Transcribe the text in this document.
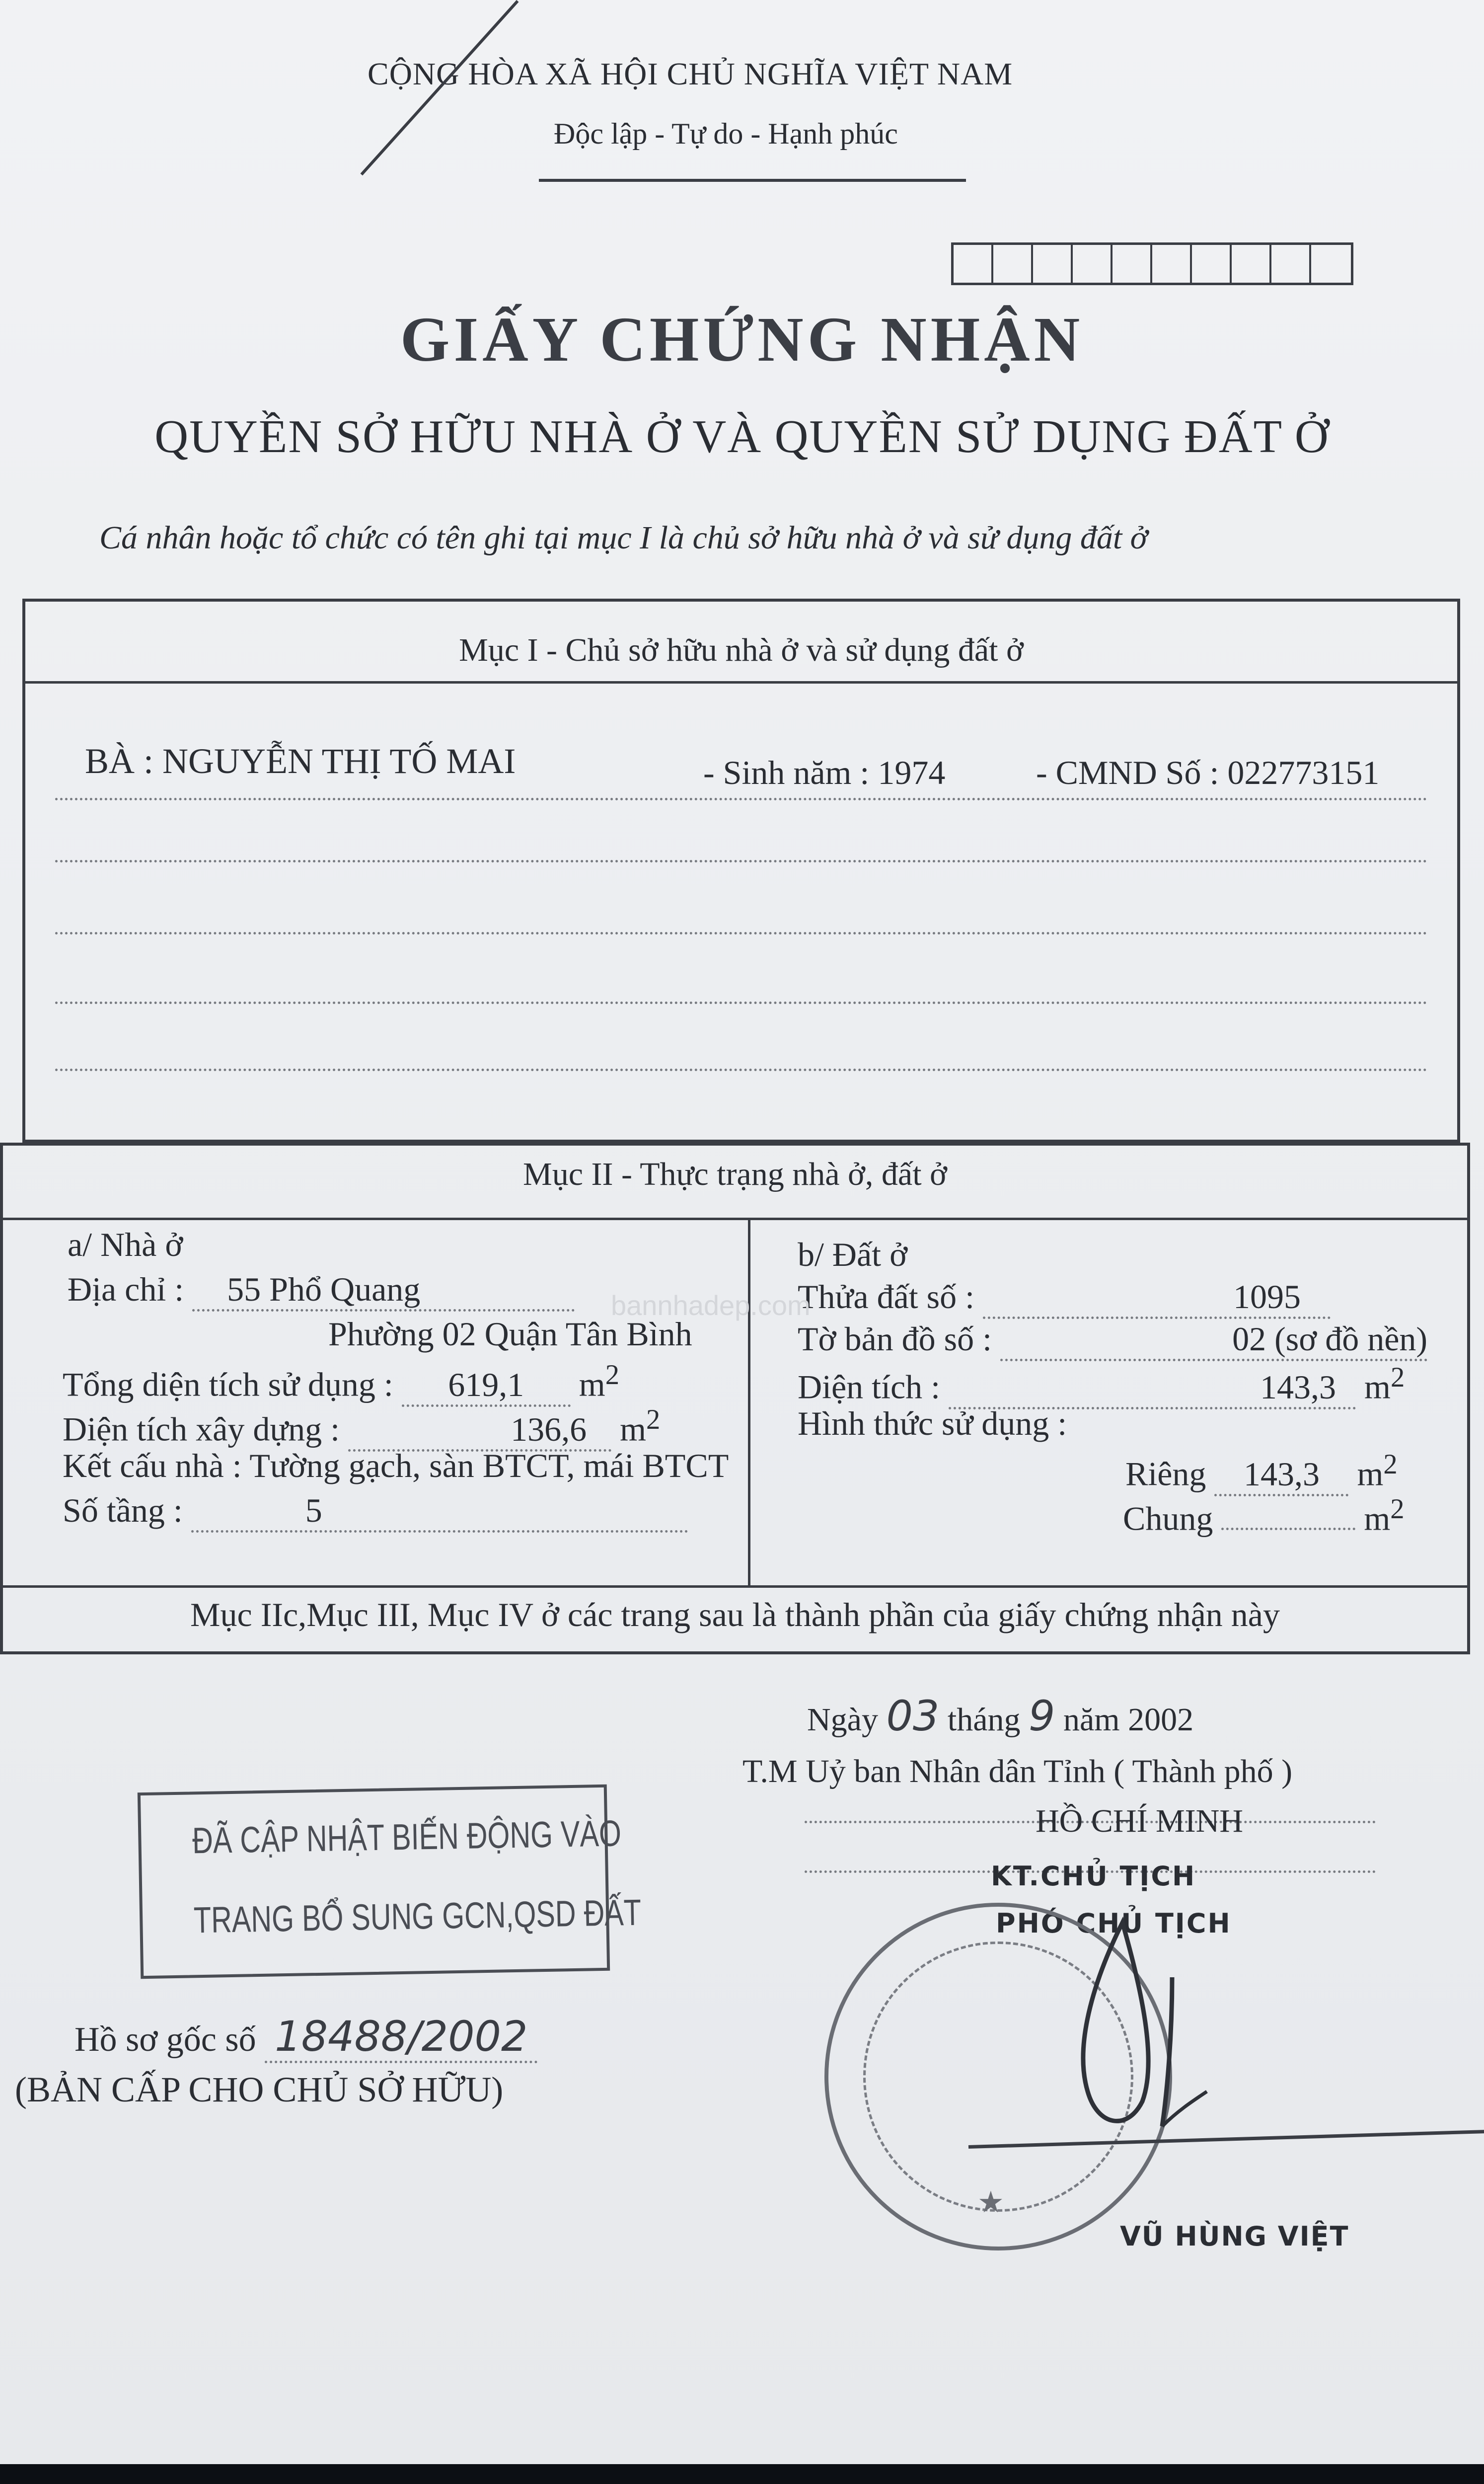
CỘNG HÒA XÃ HỘI CHỦ NGHĨA VIỆT NAM
Độc lập - Tự do - Hạnh phúc
GIẤY CHỨNG NHẬN
QUYỀN SỞ HỮU NHÀ Ở VÀ QUYỀN SỬ DỤNG ĐẤT Ở
Cá nhân hoặc tổ chức có tên ghi tại mục I là chủ sở hữu nhà ở và sử dụng đất ở
Mục I - Chủ sở hữu nhà ở và sử dụng đất ở
BÀ : NGUYỄN THỊ TỐ MAI	- Sinh năm : 1974	- CMND Số : 022773151
Mục II - Thực trạng nhà ở, đất ở
a/ Nhà ở
Địa chỉ : 55 Phổ Quang
Phường 02 Quận Tân Bình
Tổng diện tích sử dụng : 619,1 $m^2$
Diện tích xây dựng :	136,6 $m^2$
Kết cấu nhà : Tường gạch, sàn BTCT, mái BTCT
Số tầng :	5
b/ Đất ở
Thửa đất số :	1095
Tờ bản đồ số :	02 (sơ đồ nền)
Diện tích :	143,3 $m^2$
Hình thức sử dụng :
Riêng 143,3 $m^2$
Chung	$m^2$
Mục IIc,Mục III, Mục IV ở các trang sau là thành phần của giấy chứng nhận này
bannhadep.com
Ngày 03 tháng 9 năm 2002
T.M Uỷ ban Nhân dân Tỉnh ( Thành phố )
HỒ CHÍ MINH
KT.CHỦ TỊCH
PHÓ CHỦ TỊCH
★
VŨ HÙNG VIỆT
ĐÃ CẬP NHẬT BIẾN ĐỘNG VÀO
TRANG BỔ SUNG GCN,QSD ĐẤT
Hồ sơ gốc số 18488/2002
(BẢN CẤP CHO CHỦ SỞ HỮU)
